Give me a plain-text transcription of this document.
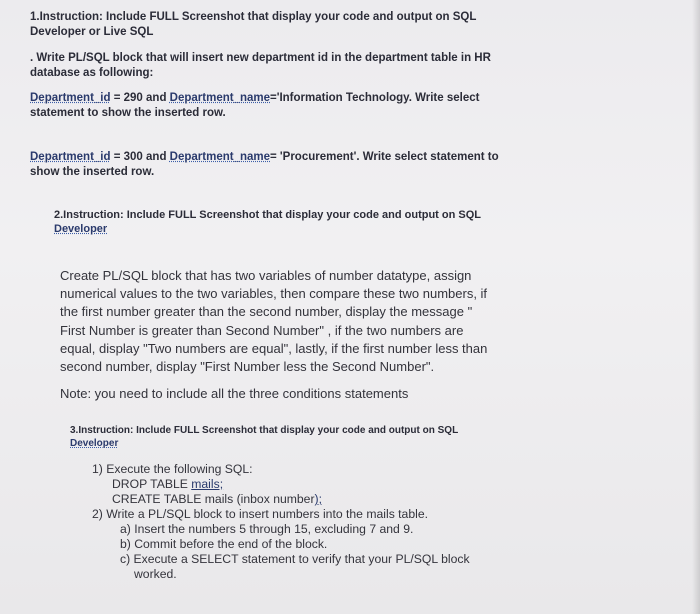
1.Instruction: Include FULL Screenshot that display your code and output on SQL
Developer or Live SQL
. Write PL/SQL block that will insert new department id in the department table in HR
database as following:
Department_id = 290 and Department_name='Information Technology. Write select
statement to show the inserted row.
Department_id = 300 and Department_name= 'Procurement'. Write select statement to
show the inserted row.
2.Instruction: Include FULL Screenshot that display your code and output on SQL
Developer
Create PL/SQL block that has two variables of number datatype, assign
numerical values to the two variables, then compare these two numbers, if
the first number greater than the second number, display the message "
First Number is greater than Second Number" , if the two numbers are
equal, display "Two numbers are equal", lastly, if the first number less than
second number, display "First Number less the Second Number".
Note: you need to include all the three conditions statements
3.Instruction: Include FULL Screenshot that display your code and output on SQL
Developer
1) Execute the following SQL:
DROP TABLE mails;
CREATE TABLE mails (inbox number);
2) Write a PL/SQL block to insert numbers into the mails table.
a) Insert the numbers 5 through 15, excluding 7 and 9.
b) Commit before the end of the block.
c) Execute a SELECT statement to verify that your PL/SQL block
worked.
